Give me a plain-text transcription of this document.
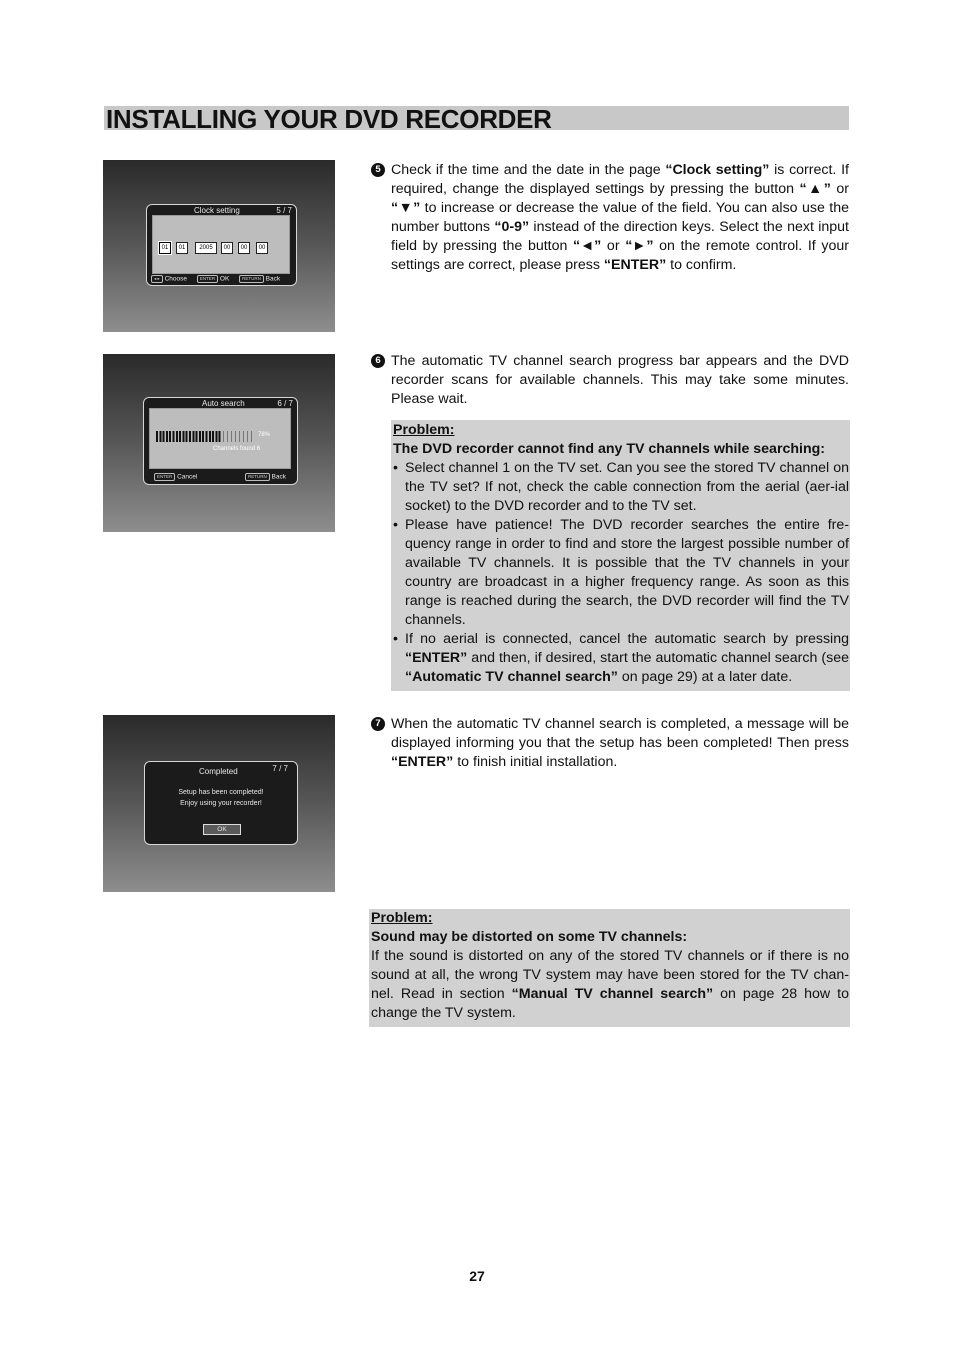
INSTALLING YOUR DVD RECORDER
Clock setting	5 / 7
01	01	2005	00	00	00
◂ ▸ Choose	ENTER OK	RETURN Back
Auto search	6 / 7
78%
Channels found 6
ENTER Cancel	RETURN Back
Completed	7 / 7
Setup has been completed!
Enjoy using your recorder!
OK
5 Check if the time and the date in the page “Clock setting” is correct. If required, change the displayed settings by pressing the button “▲” or “▼” to increase or decrease the value of the field. You can also use the number buttons “0-9” instead of the direction keys. Select the next input field by pressing the button “◄” or “►” on the remote control. If your settings are correct, please press “ENTER” to confirm.
6 The automatic TV channel search progress bar appears and the DVD recorder scans for available channels. This may take some minutes. Please wait.
Problem:
The DVD recorder cannot find any TV channels while searching:
• Select channel 1 on the TV set. Can you see the stored TV channel on the TV set? If not, check the cable connection from the aerial (aer-ial socket) to the DVD recorder and to the TV set.
• Please have patience! The DVD recorder searches the entire fre-quency range in order to find and store the largest possible number of available TV channels. It is possible that the TV channels in your country are broadcast in a higher frequency range. As soon as this range is reached during the search, the DVD recorder will find the TV channels.
• If no aerial is connected, cancel the automatic search by pressing “ENTER” and then, if desired, start the automatic channel search (see “Automatic TV channel search” on page 29) at a later date.
7 When the automatic TV channel search is completed, a message will be displayed informing you that the setup has been completed! Then press “ENTER” to finish initial installation.
Problem:
Sound may be distorted on some TV channels:
If the sound is distorted on any of the stored TV channels or if there is no sound at all, the wrong TV system may have been stored for the TV chan-nel. Read in section “Manual TV channel search” on page 28 how to change the TV system.
27
